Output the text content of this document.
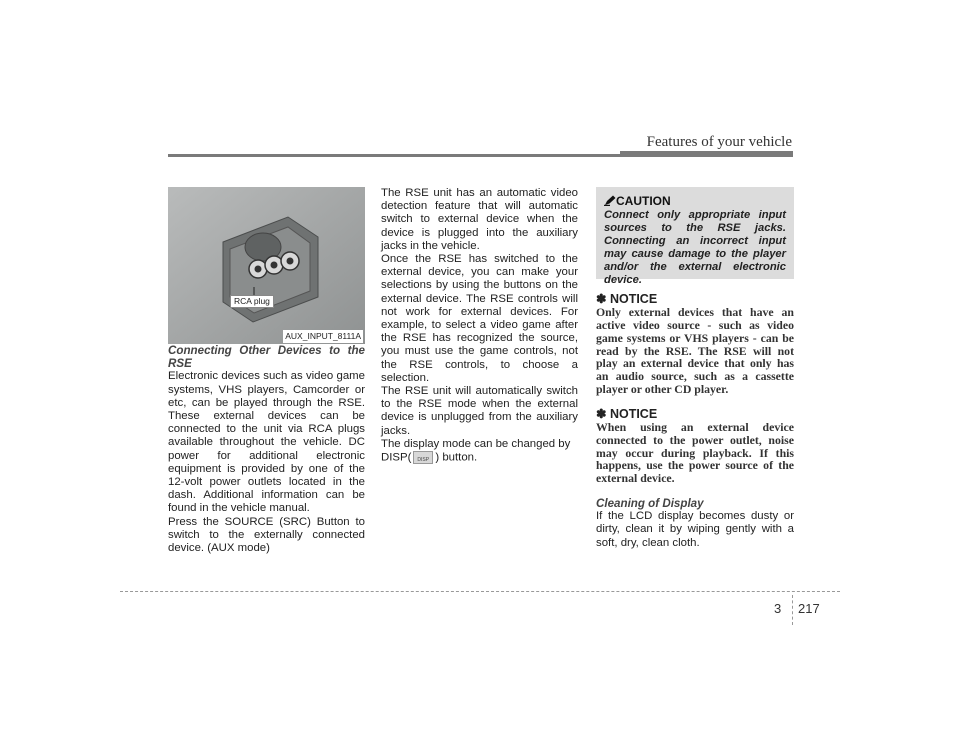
Features of your vehicle
RCA plug
AUX_INPUT_8111A

Connecting Other Devices to the RSE

Electronic devices such as video game systems, VHS players, Camcorder or etc, can be played through the RSE. These external devices can be connected to the unit via RCA plugs available throughout the vehicle. DC power for additional electronic equipment is provided by one of the 12-volt power outlets located in the dash. Additional information can be found in the vehicle manual.

Press the SOURCE (SRC) Button to switch to the externally connected device. (AUX mode)

The RSE unit has an automatic video detection feature that will automatic switch to external device when the device is plugged into the auxiliary jacks in the vehicle.

Once the RSE has switched to the external device, you can make your selections by using the buttons on the external device. The RSE controls will not work for external devices. For example, to select a video game after the RSE has recognized the source, you must use the game controls, not the RSE controls, to choose a selection.

The RSE unit will automatically switch to the RSE mode when the external device is unplugged from the auxiliary jacks.

The display mode can be changed by DISP( DISP ) button.

CAUTION
Connect only appropriate input sources to the RSE jacks. Connecting an incorrect input may cause damage to the player and/or the external electronic device.

✽ NOTICE

Only external devices that have an active video source - such as video game systems or VHS players - can be read by the RSE. The RSE will not play an external device that only has an audio source, such as a cassette player or other CD player.

✽ NOTICE

When using an external device connected to the power outlet, noise may occur during playback. If this happens, use the power source of the external device.

Cleaning of Display

If the LCD display becomes dusty or dirty, clean it by wiping gently with a soft, dry, clean cloth.

3 217
